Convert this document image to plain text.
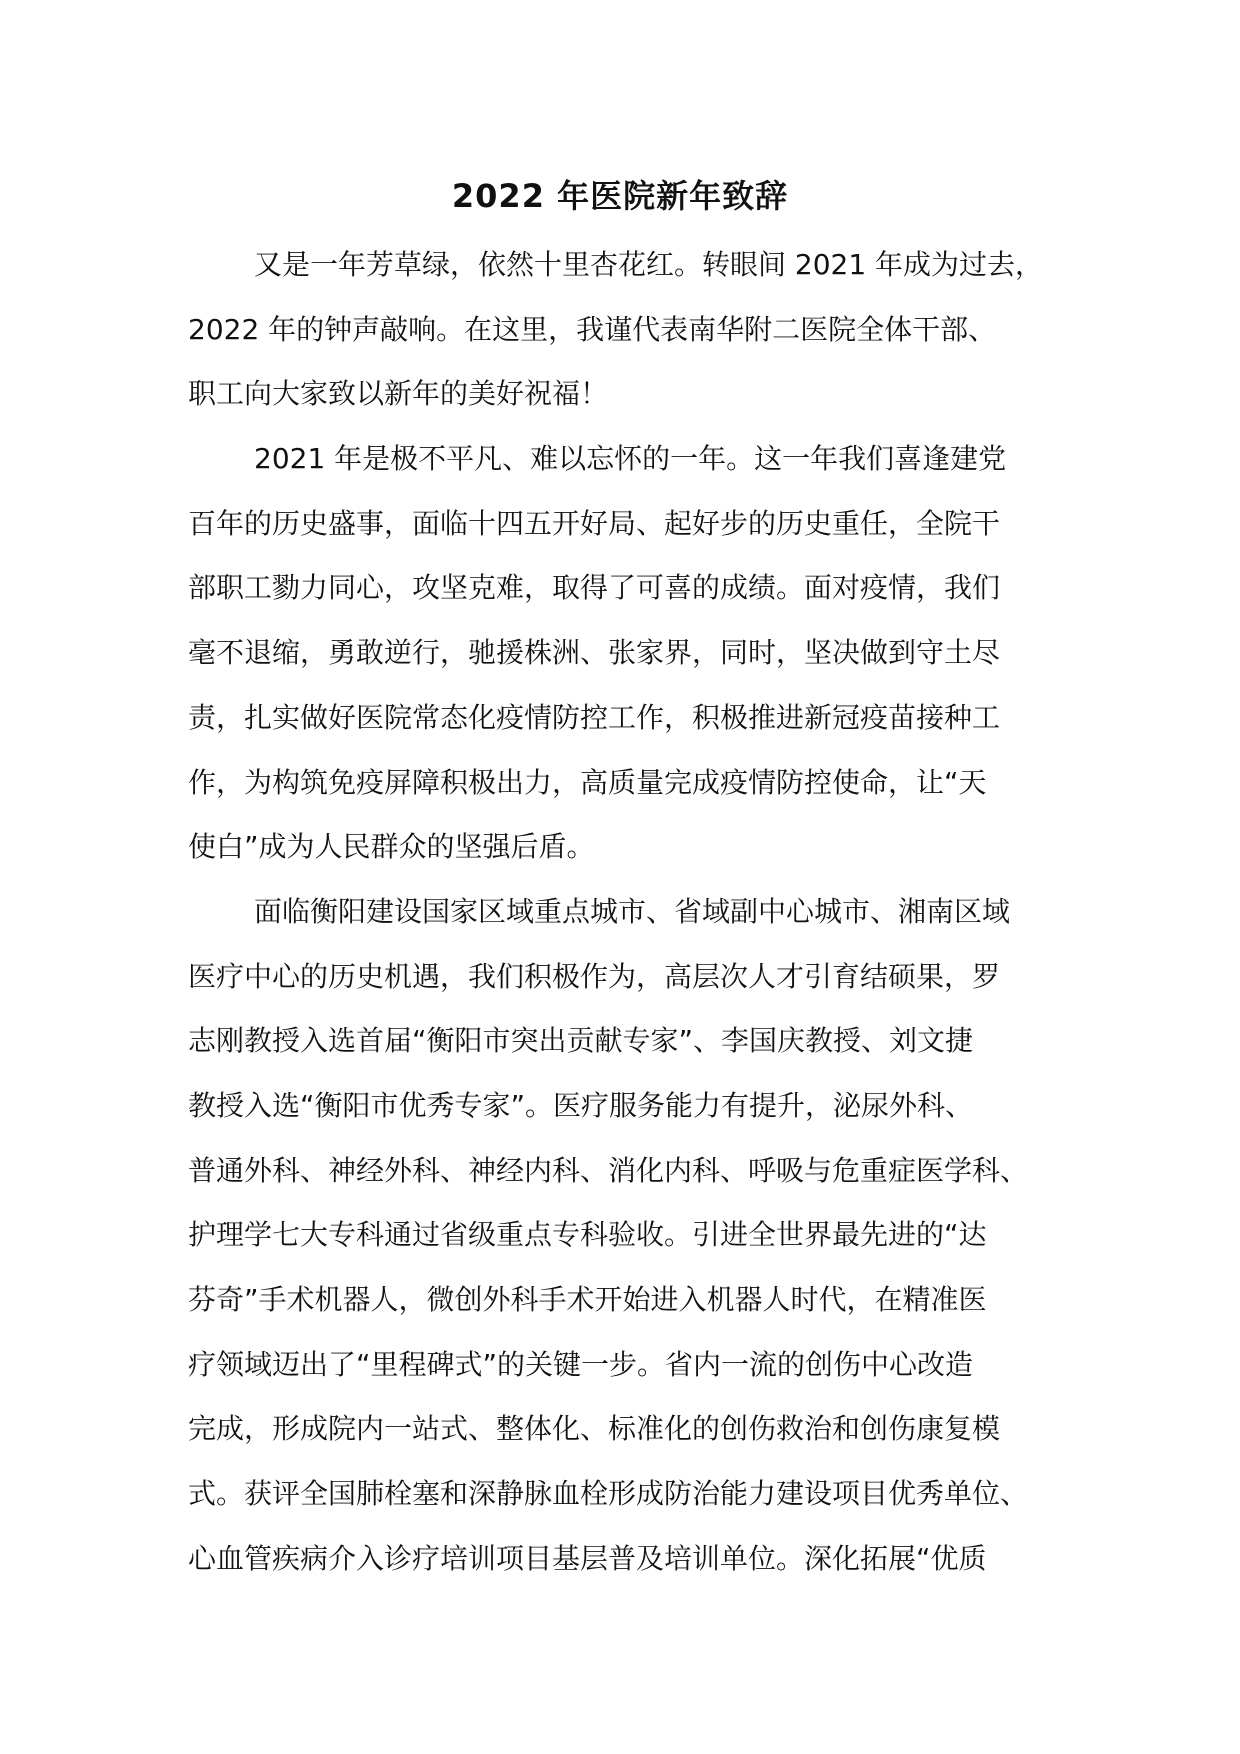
2022 年医院新年致辞
又是一年芳草绿，依然十里杏花红。转眼间 2021 年成为过去，
2022 年的钟声敲响。在这里，我谨代表南华附二医院全体干部、
职工向大家致以新年的美好祝福！
2021 年是极不平凡、难以忘怀的一年。这一年我们喜逢建党
百年的历史盛事，面临十四五开好局、起好步的历史重任，全院干
部职工勠力同心，攻坚克难，取得了可喜的成绩。面对疫情，我们
毫不退缩，勇敢逆行，驰援株洲、张家界，同时，坚决做到守土尽
责，扎实做好医院常态化疫情防控工作，积极推进新冠疫苗接种工
作，为构筑免疫屏障积极出力，高质量完成疫情防控使命，让“天
使白”成为人民群众的坚强后盾。
面临衡阳建设国家区域重点城市、省域副中心城市、湘南区域
医疗中心的历史机遇，我们积极作为，高层次人才引育结硕果，罗
志刚教授入选首届“衡阳市突出贡献专家”、李国庆教授、刘文捷
教授入选“衡阳市优秀专家”。医疗服务能力有提升，泌尿外科、
普通外科、神经外科、神经内科、消化内科、呼吸与危重症医学科、
护理学七大专科通过省级重点专科验收。引进全世界最先进的“达
芬奇”手术机器人，微创外科手术开始进入机器人时代，在精准医
疗领域迈出了“里程碑式”的关键一步。省内一流的创伤中心改造
完成，形成院内一站式、整体化、标准化的创伤救治和创伤康复模
式。获评全国肺栓塞和深静脉血栓形成防治能力建设项目优秀单位、
心血管疾病介入诊疗培训项目基层普及培训单位。深化拓展“优质
